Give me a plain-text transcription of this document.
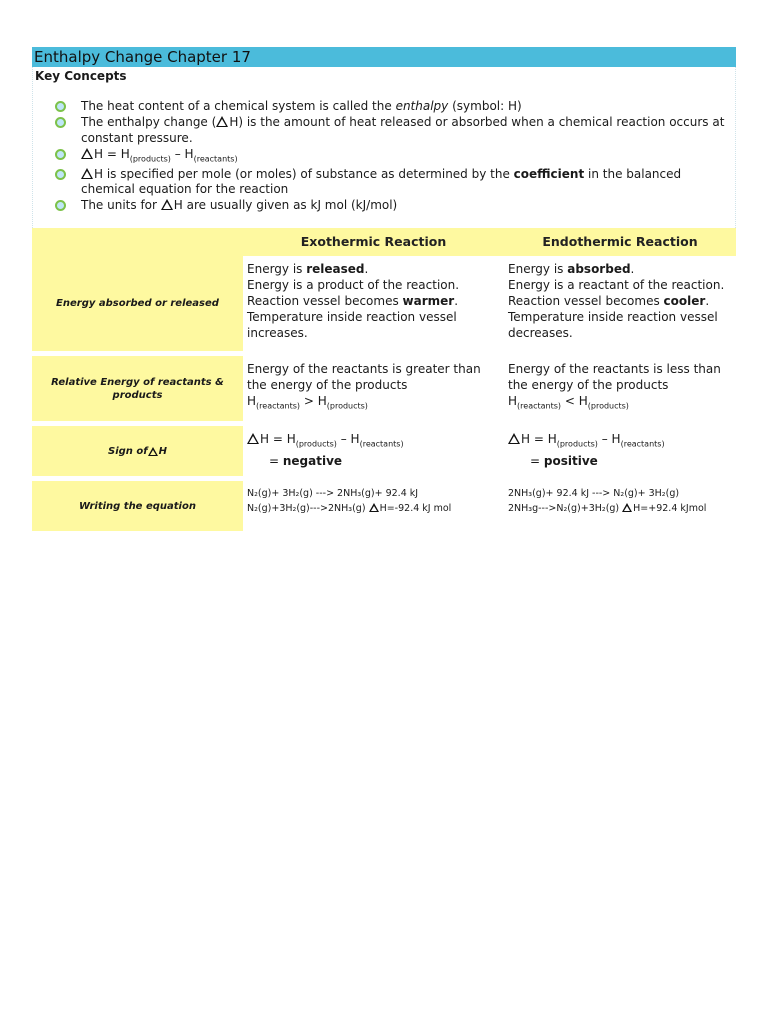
Enthalpy Change Chapter 17
Key Concepts
The heat content of a chemical system is called the enthalpy (symbol: H)
The enthalpy change ( H) is the amount of heat released or absorbed when a chemical reaction occurs at constant pressure.
$H = H_{(products)} - H_{(reactants)}$
H is specified per mole (or moles) of substance as determined by the coefficient in the balanced chemical equation for the reaction
The units for H are usually given as kJ mol (kJ/mol)
Exothermic Reaction	Endothermic Reaction
Energy absorbed or released
Energy is released.
Energy is a product of the reaction.
Reaction vessel becomes warmer.
Temperature inside reaction vessel increases.
Energy is absorbed.
Energy is a reactant of the reaction.
Reaction vessel becomes cooler.
Temperature inside reaction vessel decreases.
Relative Energy of reactants & products
Energy of the reactants is greater than the energy of the products
$H_{(reactants)} > H_{(products)}$
Energy of the reactants is less than the energy of the products
$H_{(reactants)} < H_{(products)}$
Sign of H
$H = H_{(products)} - H_{(reactants)}$
= negative
$H = H_{(products)} - H_{(reactants)}$
= positive
Writing the equation
N₂(g)+ 3H₂(g) ---> 2NH₃(g)+ 92.4 kJ
N₂(g)+3H₂(g)--->2NH₃(g) H=-92.4 kJ mol
2NH₃(g)+ 92.4 kJ ---> N₂(g)+ 3H₂(g)
2NH₃g--->N₂(g)+3H₂(g) H=+92.4 kJmol
